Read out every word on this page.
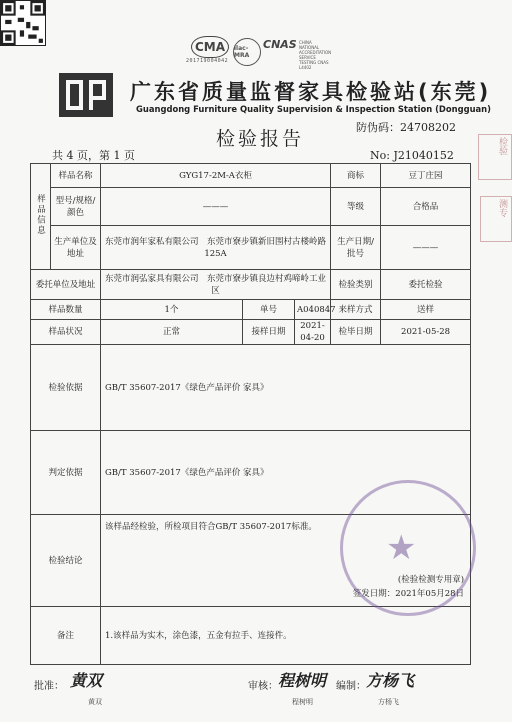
CMA
201719004042
ilac-MRA
CNAS CHINA NATIONAL ACCREDITATION SERVICE TESTING CNAS L4402
广东省质量监督家具检验站(东莞)
Guangdong Furniture Quality Supervision & Inspection Station (Dongguan)
防伪码：24708202
检验报告
共 4 页，第 1 页	No: J21040152
检验
测专
样品信息	样品名称	GYG17-2M-A衣柜			商标	豆丁庄园
	型号/规格/颜色	———			等级	合格品
	生产单位及地址	东莞市润年家私有限公司　东莞市寮步镇新旧围村古楼岭路125A			生产日期/批号	———
委托单位及地址		东莞市润弘家具有限公司　东莞市寮步镇良边村鸡啼岭工业区			检验类别	委托检验
样品数量		1个	单号	A040847	来样方式	送样
样品状况		正常	接样日期	2021-04-20	检毕日期	2021-05-28
检验依据		GB/T 35607-2017《绿色产品评价 家具》				
判定依据		GB/T 35607-2017《绿色产品评价 家具》				
检验结论		该样品经检验，所检项目符合GB/T 35607-2017标准。
(检验检测专用章)
签发日期：2021年05月28日				

备注		1.该样品为实木，涂色漆，五金有拉手、连接件。				
★
批准： 黄双
黄双
审核： 程树明
程树明
编制： 方杨飞
方杨飞
